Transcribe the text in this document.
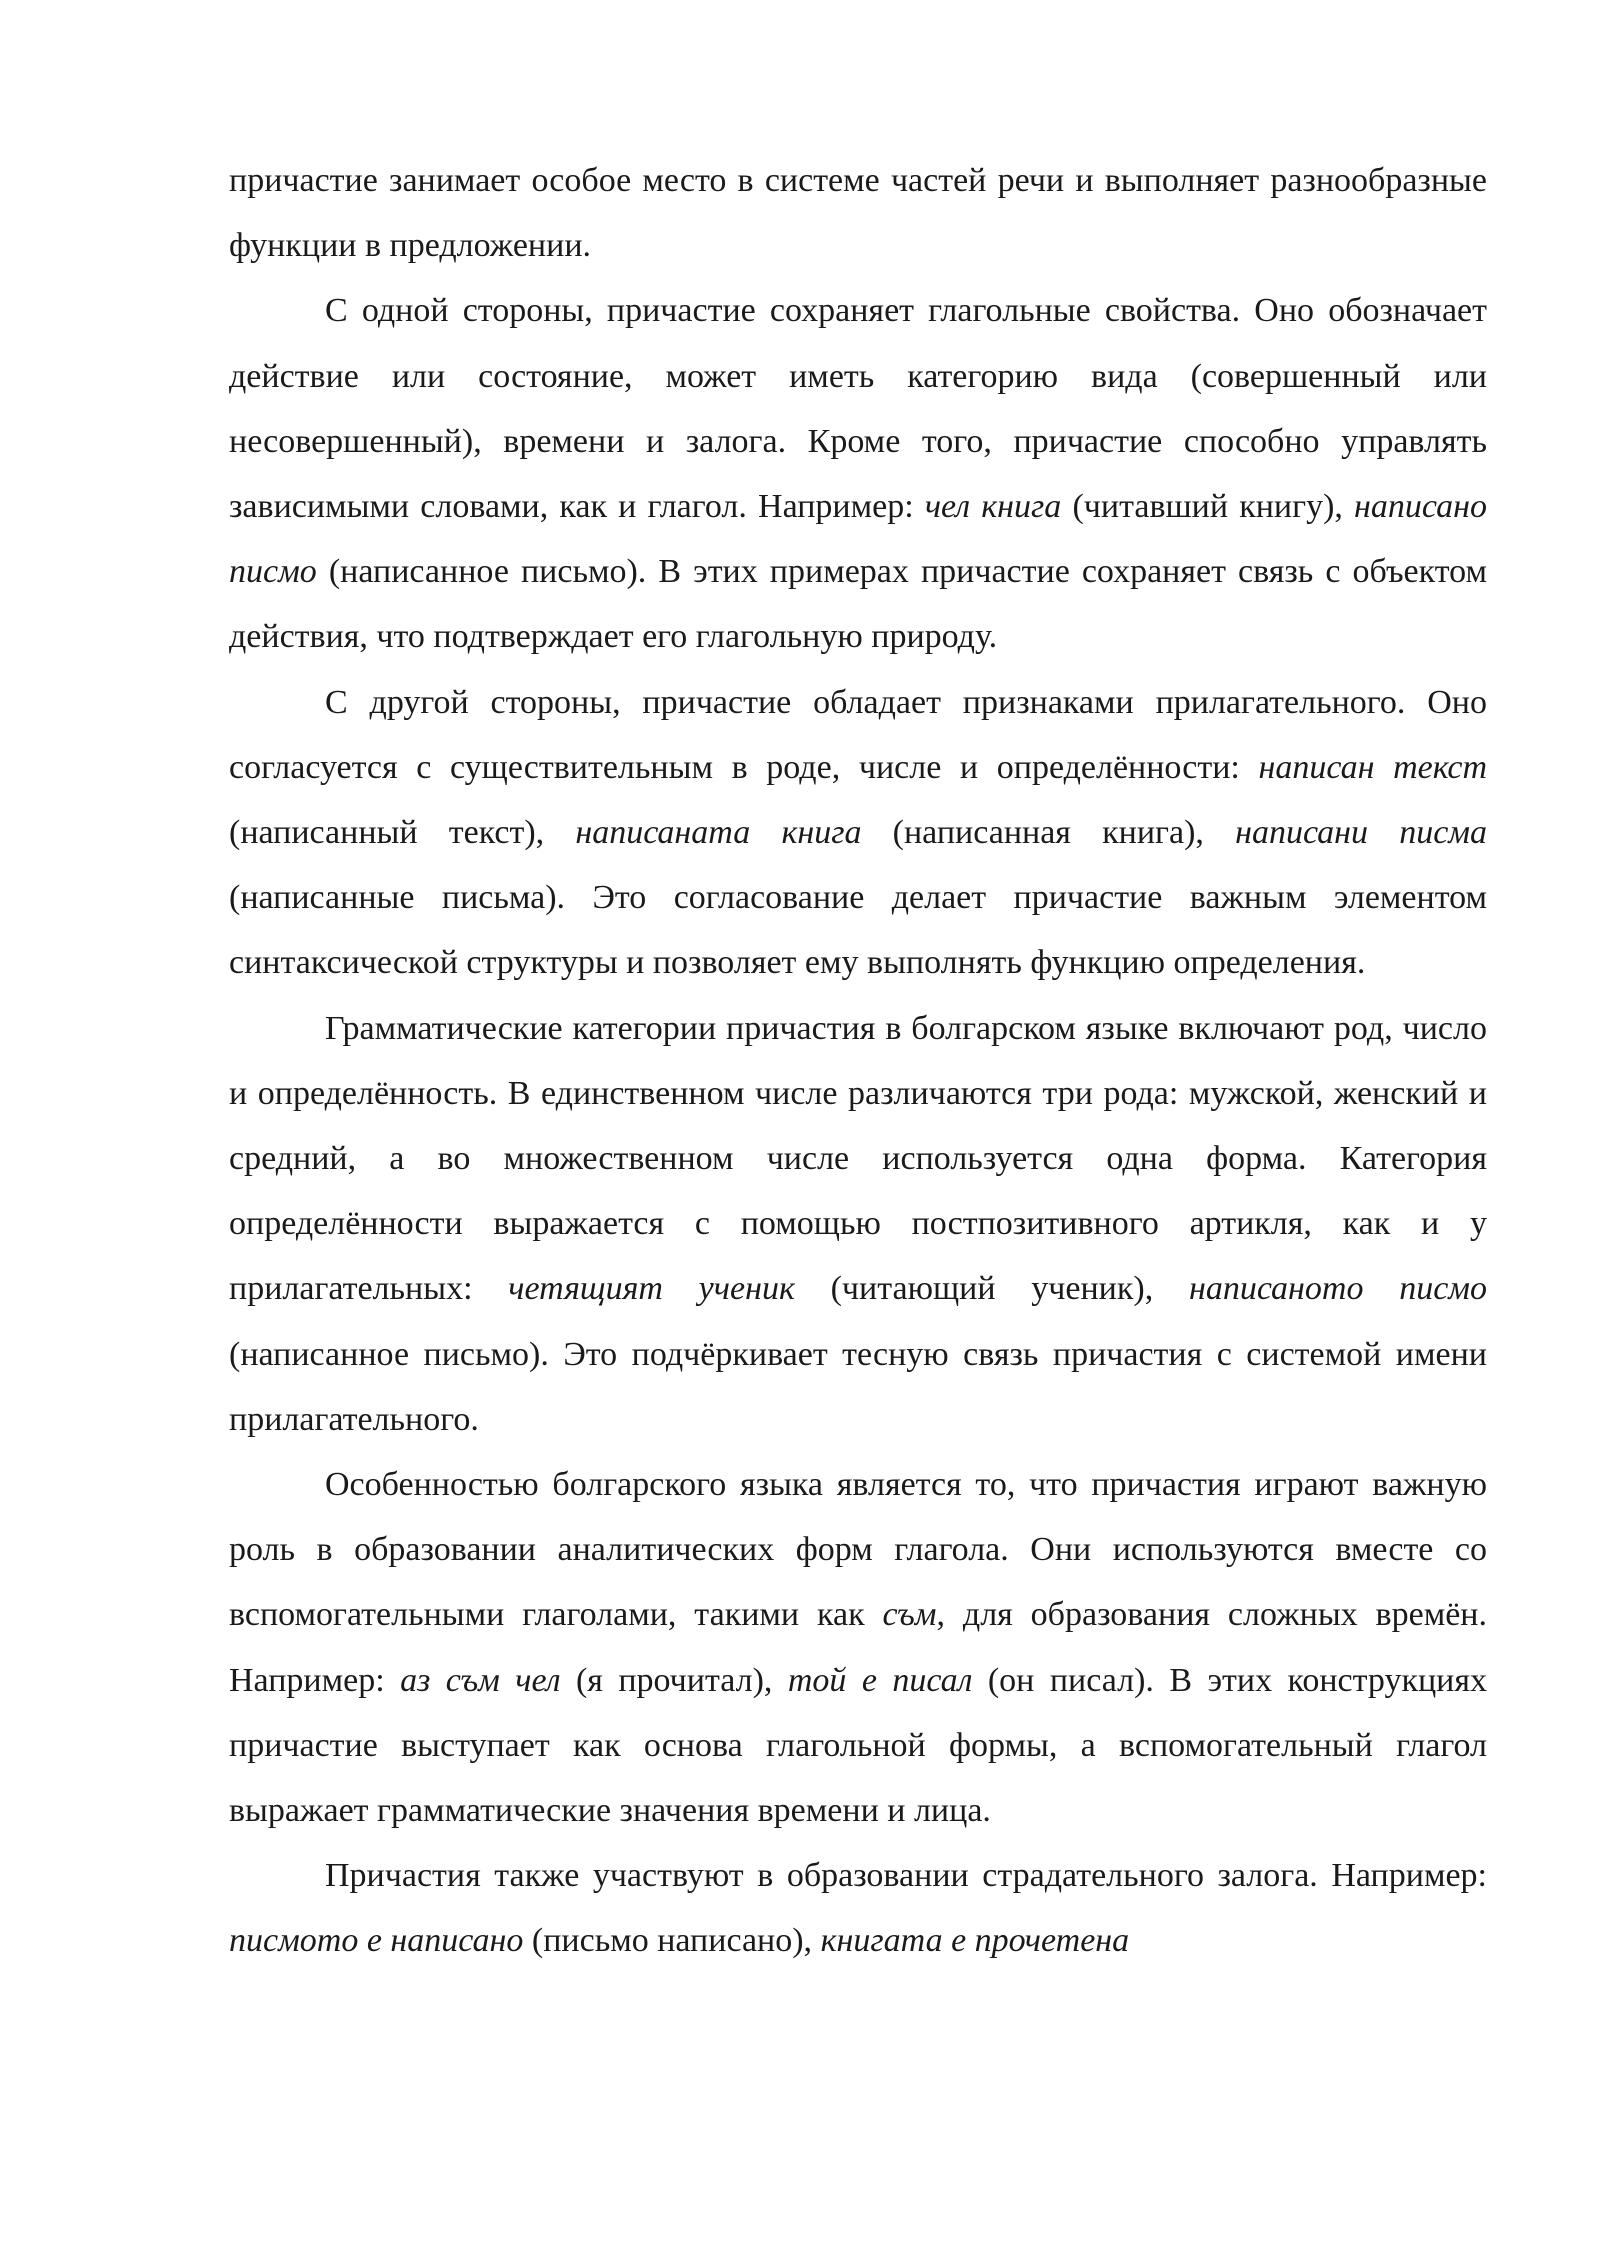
причастие занимает особое место в системе частей речи и выполняет разнообразные функции в предложении.

С одной стороны, причастие сохраняет глагольные свойства. Оно обозначает действие или состояние, может иметь категорию вида (совершенный или несовершенный), времени и залога. Кроме того, причастие способно управлять зависимыми словами, как и глагол. Например: чел книга (читавший книгу), написано писмо (написанное письмо). В этих примерах причастие сохраняет связь с объектом действия, что подтверждает его глагольную природу.

С другой стороны, причастие обладает признаками прилагательного. Оно согласуется с существительным в роде, числе и определённости: написан текст (написанный текст), написаната книга (написанная книга), написани писма (написанные письма). Это согласование делает причастие важным элементом синтаксической структуры и позволяет ему выполнять функцию определения.

Грамматические категории причастия в болгарском языке включают род, число и определённость. В единственном числе различаются три рода: мужской, женский и средний, а во множественном числе используется одна форма. Категория определённости выражается с помощью постпозитивного артикля, как и у прилагательных: четящият ученик (читающий ученик), написаното писмо (написанное письмо). Это подчёркивает тесную связь причастия с системой имени прилагательного.

Особенностью болгарского языка является то, что причастия играют важную роль в образовании аналитических форм глагола. Они используются вместе со вспомогательными глаголами, такими как съм, для образования сложных времён. Например: аз съм чел (я прочитал), той е писал (он писал). В этих конструкциях причастие выступает как основа глагольной формы, а вспомогательный глагол выражает грамматические значения времени и лица.

Причастия также участвуют в образовании страдательного залога. Например: писмото е написано (письмо написано), книгата е прочетена
